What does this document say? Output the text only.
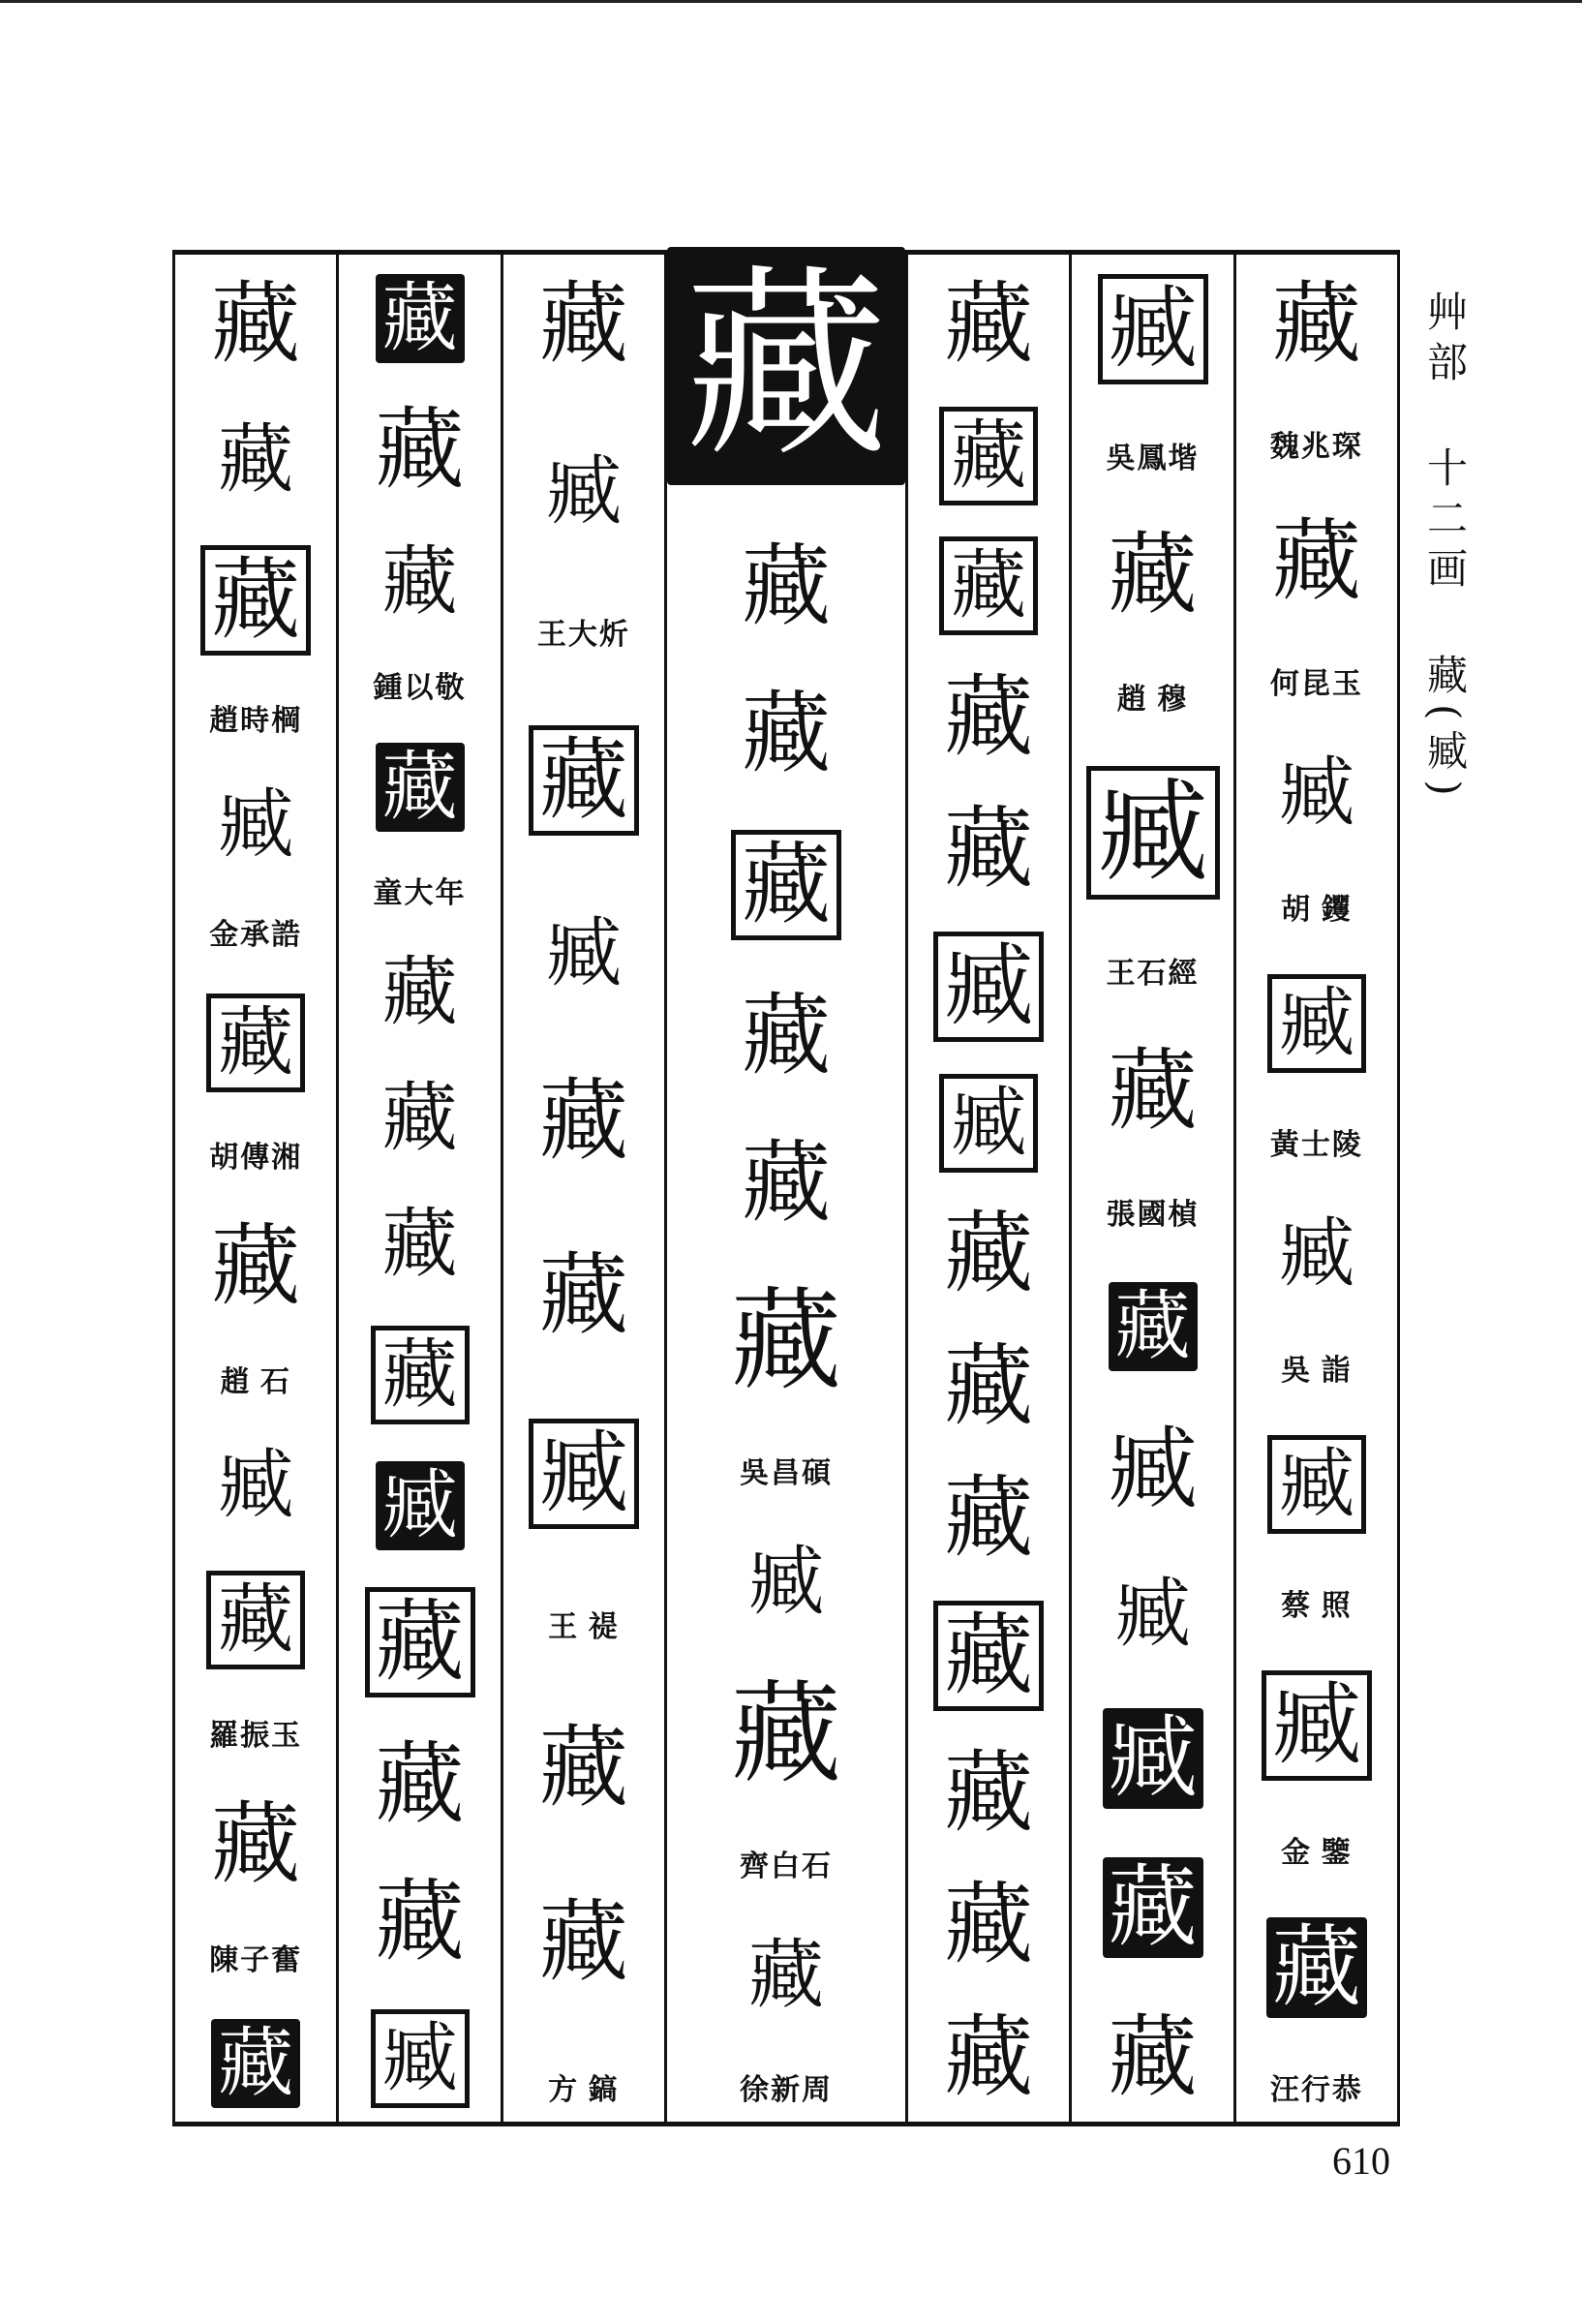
藏
魏兆琛
藏
何昆玉
臧
胡 钁
臧
黃士陵
臧
吳 詣
臧
蔡 照
臧
金 鑒
藏
汪行恭
臧
吳鳳堦
藏
趙 穆
臧
王石經
藏
張國楨
藏
臧
臧
臧
藏
藏
藏
藏
藏
藏
藏
臧
臧
藏
藏
藏
藏
藏
藏
藏
藏
藏
藏
藏
藏
藏
藏
吳昌碩
臧
藏
齊白石
藏
徐新周
藏
臧
王大炘
藏
臧
藏
藏
臧
王 禔
藏
藏
方 鎬
藏
藏
藏
鍾以敬
藏
童大年
藏
藏
藏
藏
臧
藏
藏
藏
臧
藏
藏
藏
趙時棡
臧
金承誥
藏
胡傳湘
藏
趙 石
臧
藏
羅振玉
藏
陳子奮
藏
艸部 十二画 藏(臧)
610
